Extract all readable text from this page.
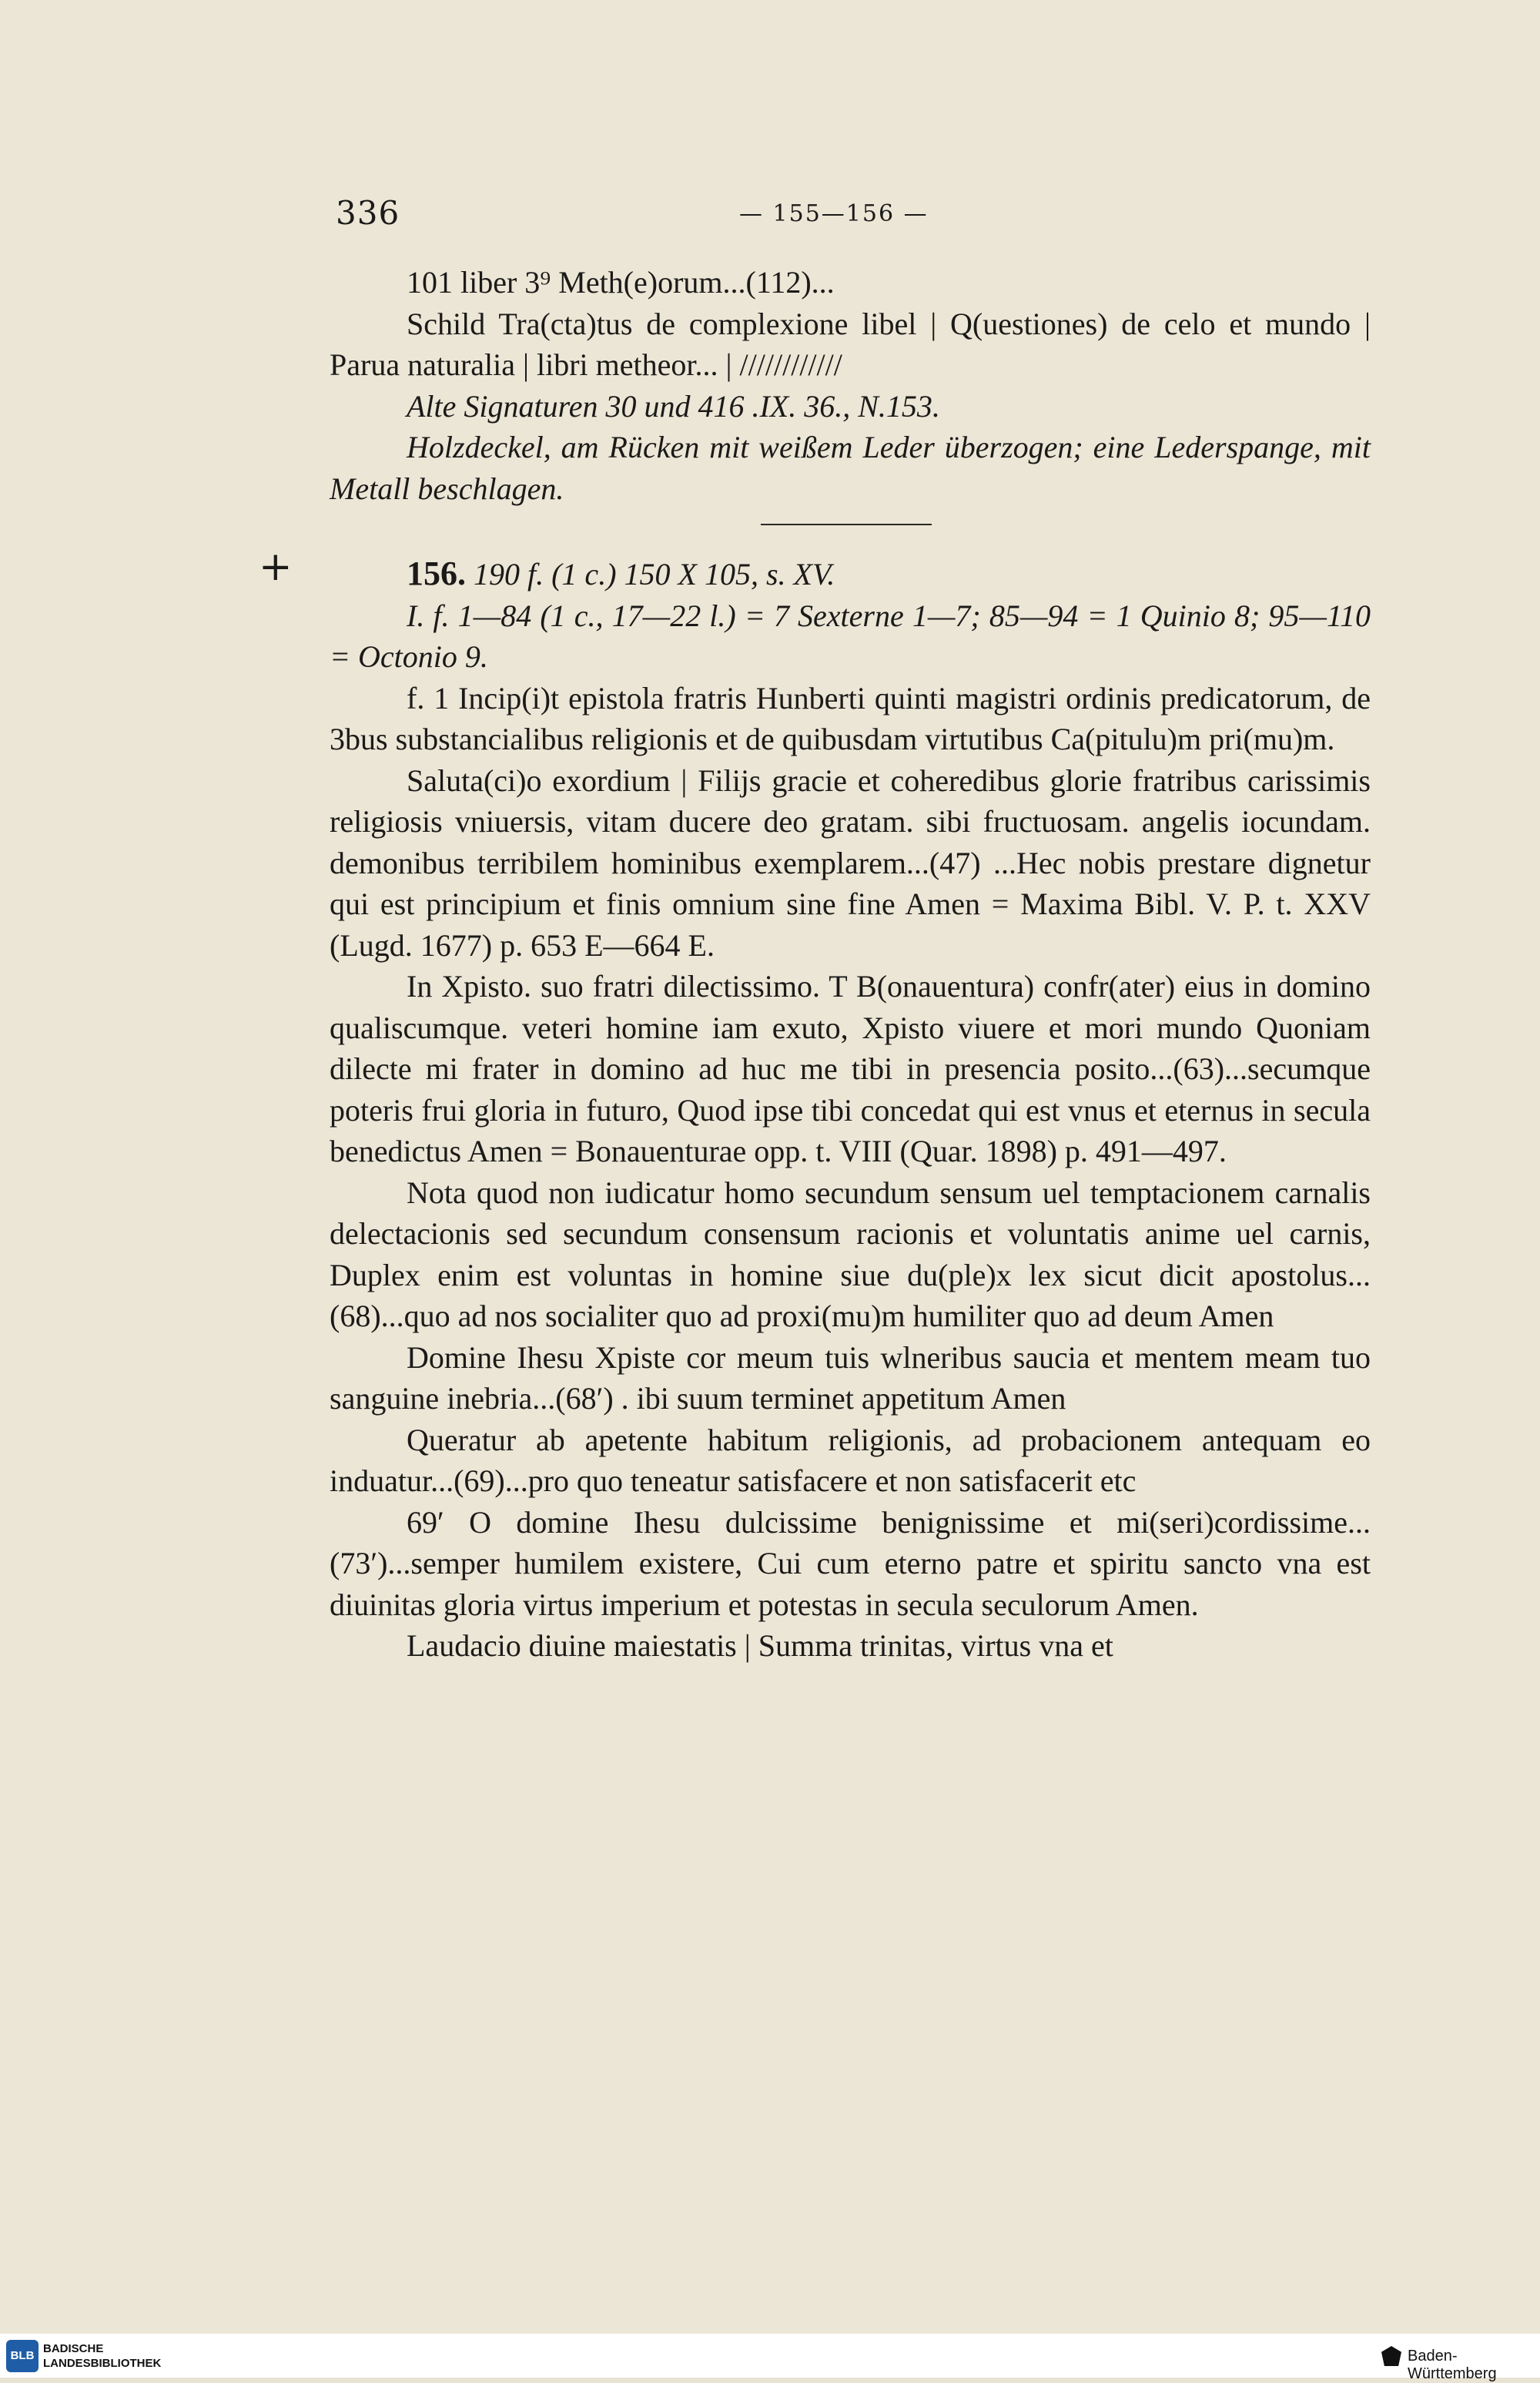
336	— 155—156 —

101 liber 3⁹ Meth(e)orum...(112)...

Schild Tra(cta)tus de complexione libel | Q(uestiones) de celo et mundo | Parua naturalia | libri metheor... | ////////////

Alte Signaturen 30 und 416 .IX. 36., N.153.

Holzdeckel, am Rücken mit weißem Leder überzogen; eine Lederspange, mit Metall beschlagen.

+	156. 190 f. (1 c.) 150 X 105, s. XV.

I. f. 1—84 (1 c., 17—22 l.) = 7 Sexterne 1—7; 85—94 = 1 Quinio 8; 95—110 = Octonio 9.

f. 1 Incip(i)t epistola fratris Hunberti quinti magistri ordinis predicatorum, de 3bus substancialibus religionis et de quibusdam virtutibus Ca(pitulu)m pri(mu)m.

Saluta(ci)o exordium | Filijs gracie et coheredibus glorie fratribus carissimis religiosis vniuersis, vitam ducere deo gratam. sibi fructuosam. angelis iocundam. demonibus terribilem hominibus exemplarem...(47) ...Hec nobis prestare dignetur qui est principium et finis omnium sine fine Amen = Maxima Bibl. V. P. t. XXV (Lugd. 1677) p. 653 E—664 E.

In Xpisto. suo fratri dilectissimo. T B(onauentura) confr(ater) eius in domino qualiscumque. veteri homine iam exuto, Xpisto viuere et mori mundo Quoniam dilecte mi frater in domino ad huc me tibi in presencia posito...(63)...secumque poteris frui gloria in futuro, Quod ipse tibi concedat qui est vnus et eternus in secula benedictus Amen = Bonauenturae opp. t. VIII (Quar. 1898) p. 491—497.

Nota quod non iudicatur homo secundum sensum uel temptacionem carnalis delectacionis sed secundum consensum racionis et voluntatis anime uel carnis, Duplex enim est voluntas in homine siue du(ple)x lex sicut dicit apostolus...(68)...quo ad nos socialiter quo ad proxi(mu)m humiliter quo ad deum Amen

Domine Ihesu Xpiste cor meum tuis wlneribus saucia et mentem meam tuo sanguine inebria...(68′) . ibi suum terminet appetitum Amen

Queratur ab apetente habitum religionis, ad probacionem antequam eo induatur...(69)...pro quo teneatur satisfacere et non satisfacerit etc

69′ O domine Ihesu dulcissime benignissime et mi(seri)cordissime... (73′)...semper humilem existere, Cui cum eterno patre et spiritu sancto vna est diuinitas gloria virtus imperium et potestas in secula seculorum Amen.

Laudacio diuine maiestatis | Summa trinitas, virtus vna et

BLB
BADISCHE
LANDESBIBLIOTHEK	Baden-Württemberg
